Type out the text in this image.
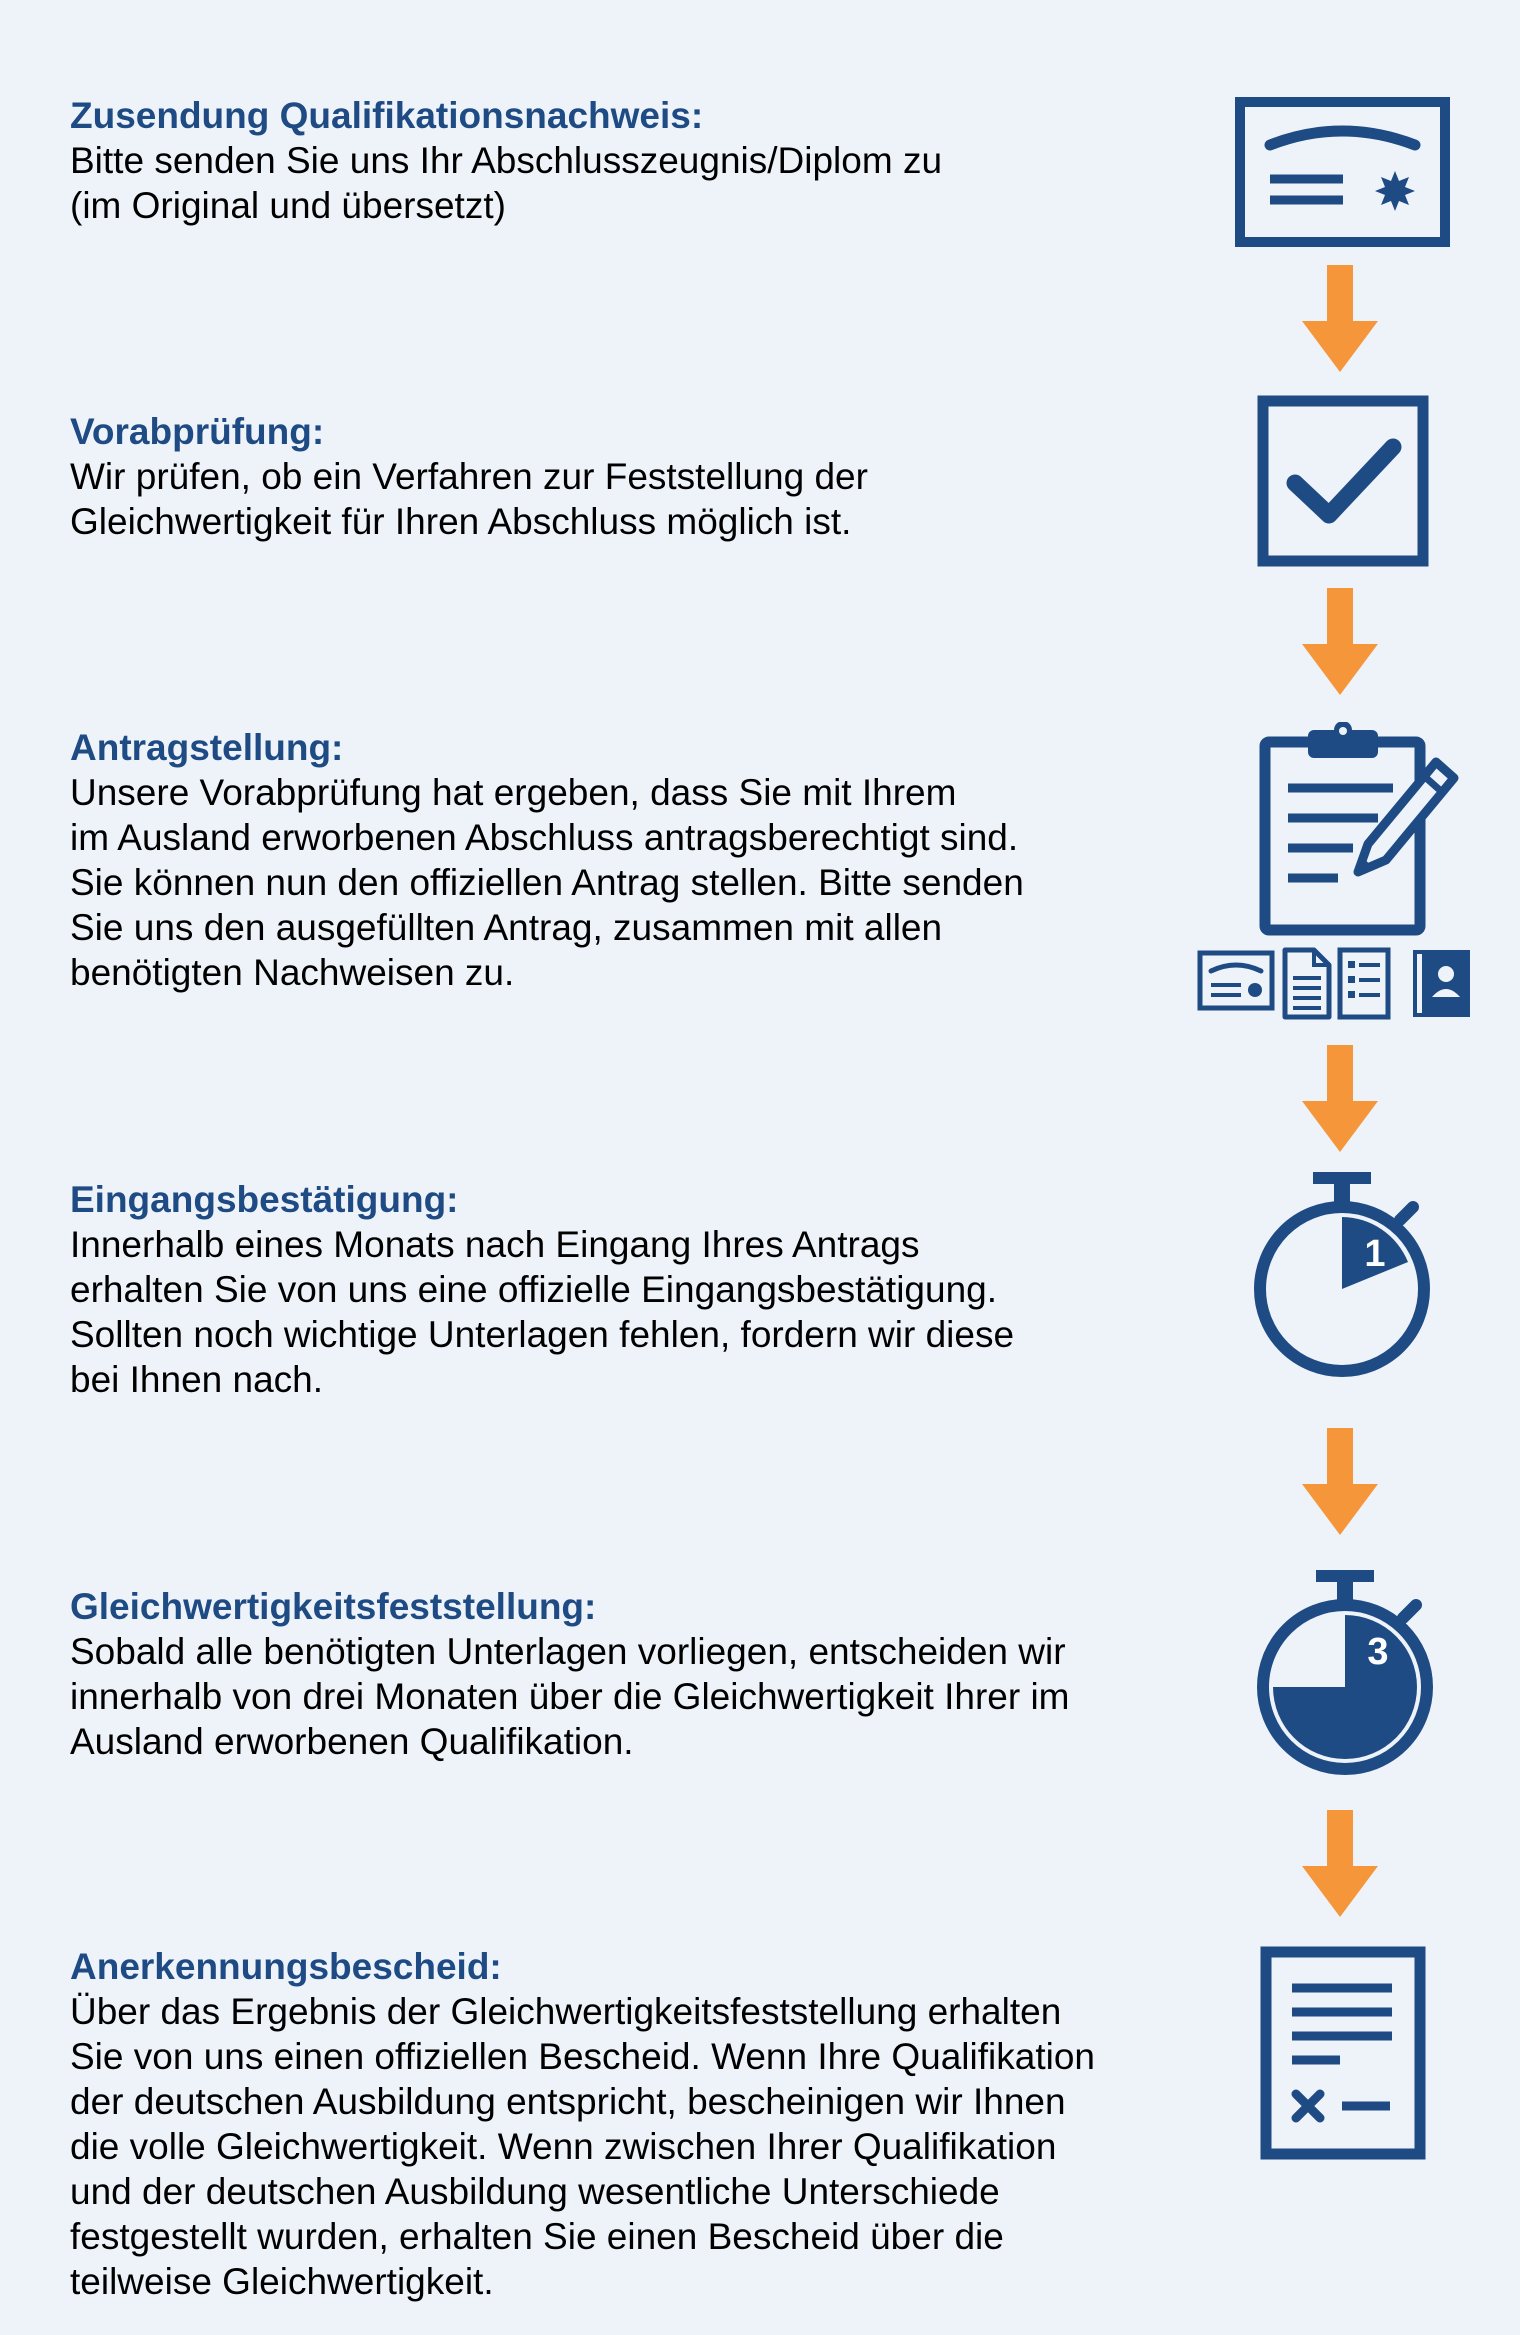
Zusendung Qualifikationsnachweis:
Bitte senden Sie uns Ihr Abschlusszeugnis/Diplom zu
(im Original und übersetzt)
Vorabprüfung:
Wir prüfen, ob ein Verfahren zur Feststellung der
Gleichwertigkeit für Ihren Abschluss möglich ist.
Antragstellung:
Unsere Vorabprüfung hat ergeben, dass Sie mit Ihrem
im Ausland erworbenen Abschluss antragsberechtigt sind.
Sie können nun den offiziellen Antrag stellen. Bitte senden
Sie uns den ausgefüllten Antrag, zusammen mit allen
benötigten Nachweisen zu.
Eingangsbestätigung:
Innerhalb eines Monats nach Eingang Ihres Antrags
erhalten Sie von uns eine offizielle Eingangsbestätigung.
Sollten noch wichtige Unterlagen fehlen, fordern wir diese
bei Ihnen nach.
Gleichwertigkeitsfeststellung:
Sobald alle benötigten Unterlagen vorliegen, entscheiden wir
innerhalb von drei Monaten über die Gleichwertigkeit Ihrer im
Ausland erworbenen Qualifikation.
Anerkennungsbescheid:
Über das Ergebnis der Gleichwertigkeitsfeststellung erhalten
Sie von uns einen offiziellen Bescheid. Wenn Ihre Qualifikation
der deutschen Ausbildung entspricht, bescheinigen wir Ihnen
die volle Gleichwertigkeit. Wenn zwischen Ihrer Qualifikation
und der deutschen Ausbildung wesentliche Unterschiede
festgestellt wurden, erhalten Sie einen Bescheid über die
teilweise Gleichwertigkeit.
1
3
